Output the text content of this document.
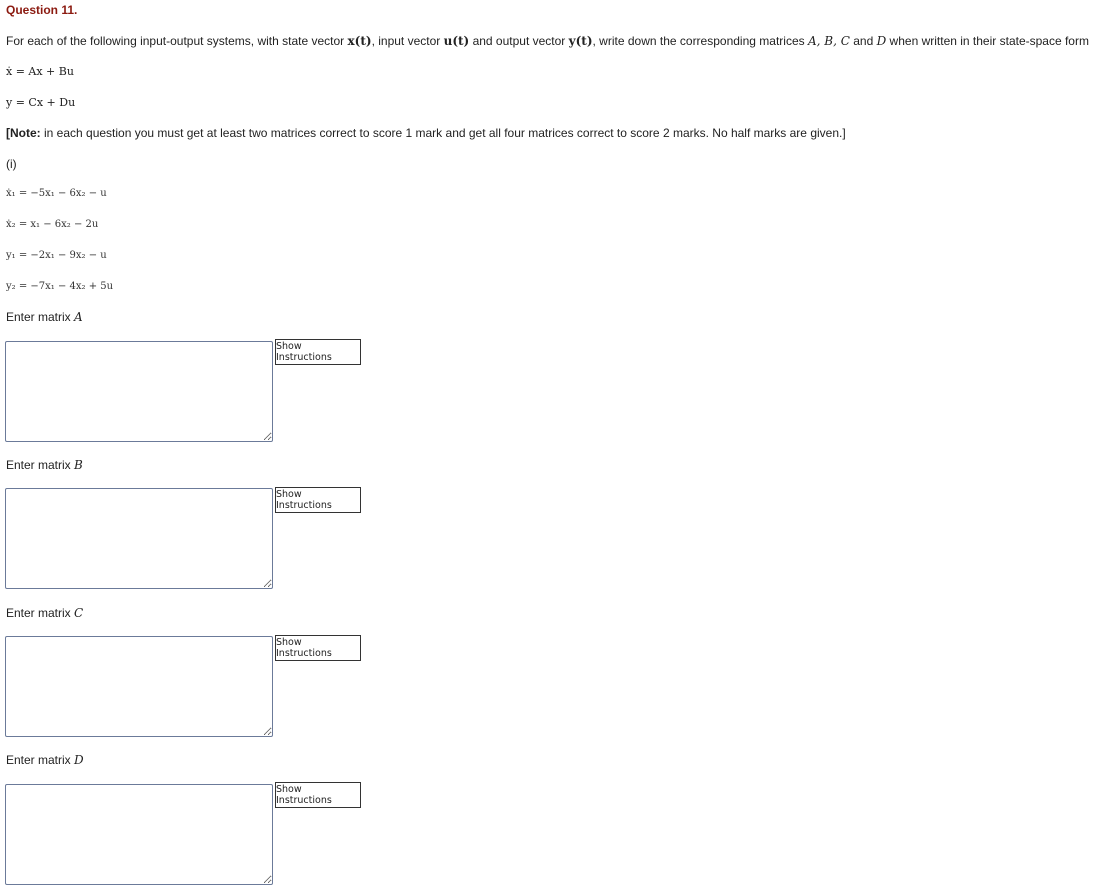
Question 11.
For each of the following input-output systems, with state vector x(t), input vector u(t) and output vector y(t), write down the corresponding matrices A, B, C and D when written in their state-space form
ẋ = Ax + Bu
y = Cx + Du
[Note: in each question you must get at least two matrices correct to score 1 mark and get all four matrices correct to score 2 marks. No half marks are given.]
(i)
ẋ₁ = −5x₁ − 6x₂ − u
ẋ₂ = x₁ − 6x₂ − 2u
y₁ = −2x₁ − 9x₂ − u
y₂ = −7x₁ − 4x₂ + 5u
Enter matrix A
Show Instructions
Enter matrix B
Show Instructions
Enter matrix C
Show Instructions
Enter matrix D
Show Instructions
